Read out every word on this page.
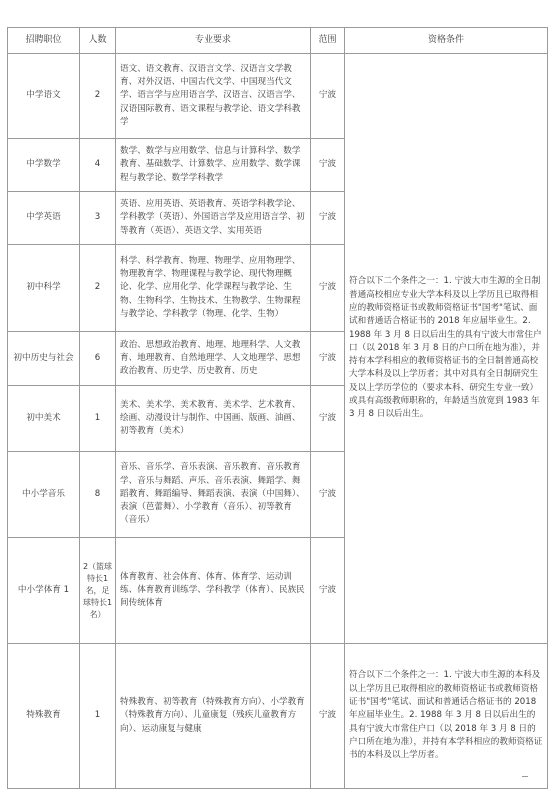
招聘职位	人数	专业要求	范围	资格条件
中学语文	2	语文、语文教育、汉语言文学、汉语言文学教育、对外汉语、中国古代文学、中国现当代文学、语言学与应用语言学、汉语言、汉语言学、汉语国际教育、语文课程与教学论、语文学科教学	宁波	符合以下二个条件之一：1. 宁波大市生源的全日制普通高校相应专业大学本科及以上学历且已取得相应的教师资格证书或教师资格证书"国考"笔试、面试和普通话合格证书的 2018 年应届毕业生。2. 1988 年 3 月 8 日以后出生的具有宁波大市常住户口（以 2018 年 3 月 8 日的户口所在地为准），并持有本学科相应的教师资格证书的全日制普通高校大学本科及以上学历者；其中对具有全日制研究生及以上学历学位的（要求本科、研究生专业一致）或具有高级教师职称的，年龄适当放宽到 1983 年 3 月 8 日以后出生。
中学数学	4	数学、数学与应用数学、信息与计算科学、数学教育、基础数学、计算数学、应用数学、数学课程与教学论、数学学科教学	宁波	
中学英语	3	英语、应用英语、英语教育、英语学科教学论、学科教学（英语）、外国语言学及应用语言学、初等教育（英语）、英语文学、实用英语	宁波	
初中科学	2	科学、科学教育、物理、物理学、应用物理学、物理教育学、物理课程与教学论、现代物理概论、化学、应用化学、化学课程与教学论、生物、生物科学、生物技术、生物教学、生物课程与教学论、学科教学（物理、化学、生物）	宁波	
初中历史与社会	6	政治、思想政治教育、地理、地理科学、人文教育、地理教育、自然地理学、人文地理学、思想政治教育、历史学、历史教育、历史	宁波	
初中美术	1	美术、美术学、美术教育、美术学、艺术教育、绘画、动漫设计与制作、中国画、版画、油画、初等教育（美术）	宁波	
中小学音乐	8	音乐、音乐学、音乐表演、音乐教育、音乐教育学、音乐与舞蹈、声乐、音乐表演、舞蹈学、舞蹈教育、舞蹈编导、舞蹈表演、表演（中国舞）、表演（芭蕾舞）、小学教育（音乐）、初等教育（音乐）	宁波	
中小学体育 1	2（篮球特长1名，足球特长1名）	体育教育、社会体育、体育、体育学、运动训练、体育教育训练学、学科教学（体育）、民族民间传统体育	宁波	
特殊教育	1	特殊教育、初等教育（特殊教育方向）、小学教育（特殊教育方向）、儿童康复（残疾儿童教育方向）、运动康复与健康	宁波	符合以下二个条件之一：1. 宁波大市生源的本科及以上学历且已取得相应的教师资格证书或教师资格证书"国考"笔试、面试和普通话合格证书的 2018 年应届毕业生。2. 1988 年 3 月 8 日以后出生的具有宁波大市常住户口（以 2018 年 3 月 8 日的户口所在地为准），并持有本学科相应的教师资格证书的本科及以上学历者。
